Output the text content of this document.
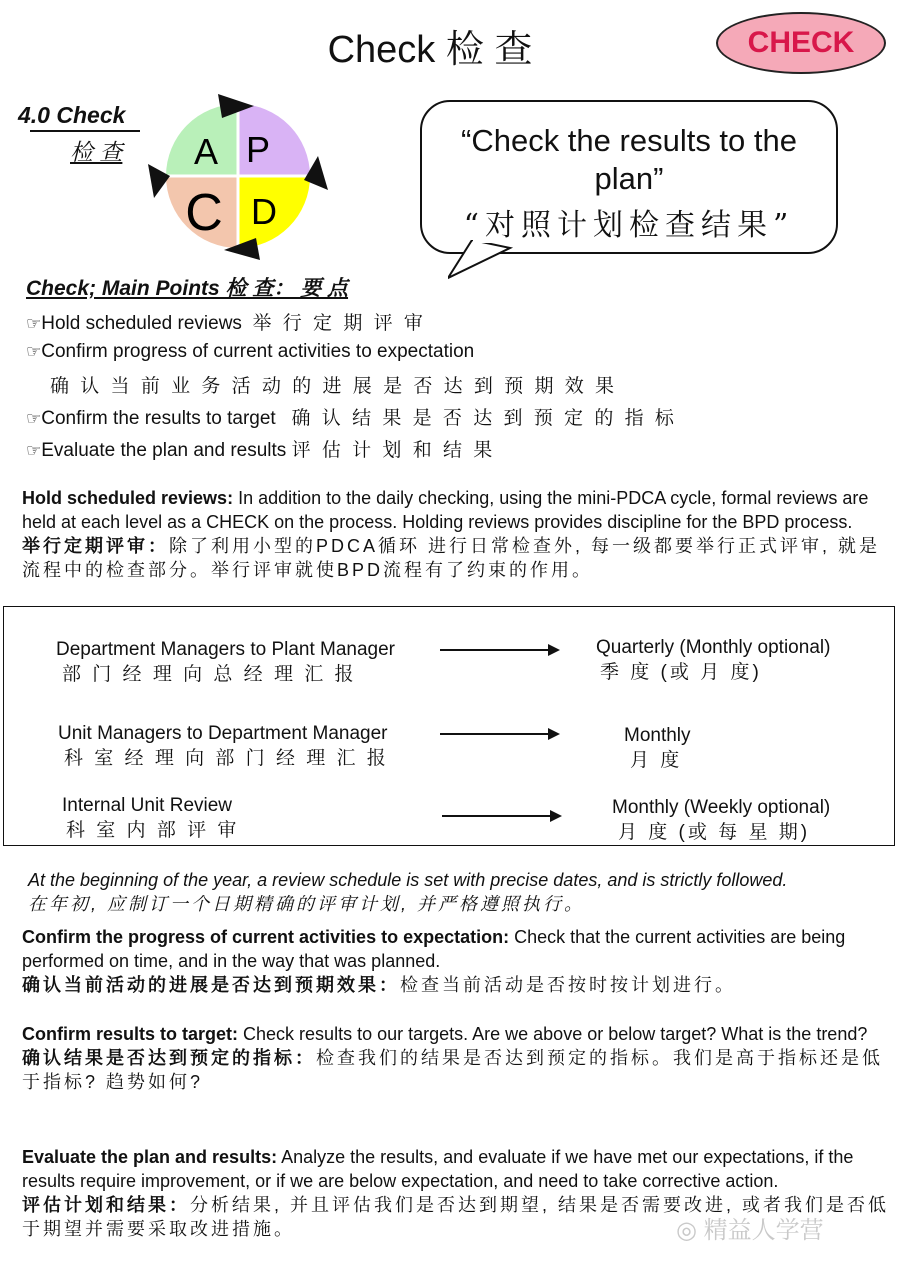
Check 检 查	CHECK
4.0 Check
检 查 A P
C D
“Check the results to the plan”
“对照计划检查结果”
Check; Main Points 检 查： 要 点
☞Hold scheduled reviews 举 行 定 期 评 审
☞Confirm progress of current activities to expectation
确 认 当 前 业 务 活 动 的 进 展 是 否 达 到 预 期 效 果
☞Confirm the results to target 确 认 结 果 是 否 达 到 预 定 的 指 标
☞Evaluate the plan and results 评 估 计 划 和 结 果
Hold scheduled reviews: In addition to the daily checking, using the mini-PDCA cycle, formal reviews are held at each level as a CHECK on the process. Holding reviews provides discipline for the BPD process.
举行定期评审：除了利用小型的PDCA循环 进行日常检查外, 每一级都要举行正式评审, 就是流程中的检查部分。举行评审就使BPD流程有了约束的作用。
Department Managers to Plant Manager
部 门 经 理 向 总 经 理 汇 报
Quarterly (Monthly optional)
季 度 (或 月 度)
Unit Managers to Department Manager
科 室 经 理 向 部 门 经 理 汇 报
Monthly
月 度
Internal Unit Review
科 室 内 部 评 审
Monthly (Weekly optional)
月 度 (或 每 星 期)
At the beginning of the year, a review schedule is set with precise dates, and is strictly followed.
在年初, 应制订一个日期精确的评审计划, 并严格遵照执行。
Confirm the progress of current activities to expectation: Check that the current activities are being performed on time, and in the way that was planned.
确认当前活动的进展是否达到预期效果：检查当前活动是否按时按计划进行。
Confirm results to target: Check results to our targets. Are we above or below target? What is the trend?
确认结果是否达到预定的指标：检查我们的结果是否达到预定的指标。我们是高于指标还是低于指标? 趋势如何?
Evaluate the plan and results: Analyze the results, and evaluate if we have met our expectations, if the results require improvement, or if we are below expectation, and need to take corrective action.
评估计划和结果：分析结果, 并且评估我们是否达到期望, 结果是否需要改进, 或者我们是否低于期望并需要采取改进措施。	◎ 精益人学营
